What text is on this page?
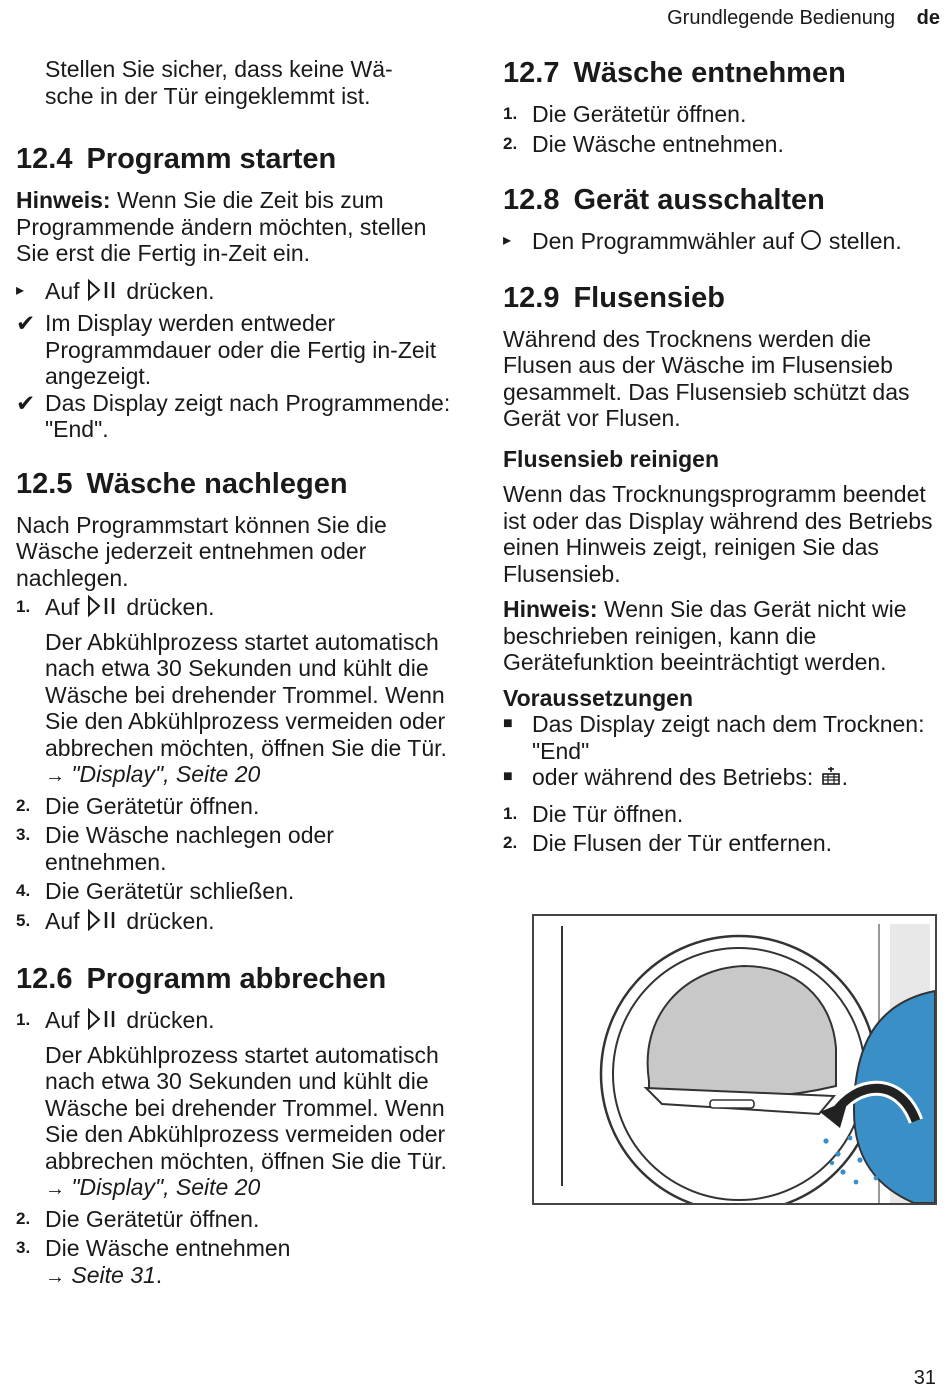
Grundlegende Bedienung de

Stellen Sie sicher, dass keine Wä-
sche in der Tür eingeklemmt ist.

12.4 Programm starten

Hinweis: Wenn Sie die Zeit bis zum Programmende ändern möchten, stellen Sie erst die Fertig in-Zeit ein.

▸ Auf drücken.
✔ Im Display werden entweder Programmdauer oder die Fertig in-Zeit angezeigt.
✔ Das Display zeigt nach Programmende: "End".
12.5 Wäsche nachlegen

Nach Programmstart können Sie die Wäsche jederzeit entnehmen oder nachlegen.

1. Auf drücken.
Der Abkühlprozess startet automatisch nach etwa 30 Sekunden und kühlt die Wäsche bei drehender Trommel. Wenn Sie den Abkühlprozess vermeiden oder abbrechen möchten, öffnen Sie die Tür.
→ "Display", Seite 20
2. Die Gerätetür öffnen.
3. Die Wäsche nachlegen oder entnehmen.
4. Die Gerätetür schließen.
5. Auf drücken.
12.6 Programm abbrechen
1. Auf drücken.
Der Abkühlprozess startet automatisch nach etwa 30 Sekunden und kühlt die Wäsche bei drehender Trommel. Wenn Sie den Abkühlprozess vermeiden oder abbrechen möchten, öffnen Sie die Tür.
→ "Display", Seite 20
2. Die Gerätetür öffnen.
3. Die Wäsche entnehmen
→ Seite 31.
12.7 Wäsche entnehmen
1. Die Gerätetür öffnen.
2. Die Wäsche entnehmen.
12.8 Gerät ausschalten
▸ Den Programmwähler auf stellen.
12.9 Flusensieb

Während des Trocknens werden die Flusen aus der Wäsche im Flusensieb gesammelt. Das Flusensieb schützt das Gerät vor Flusen.

Flusensieb reinigen

Wenn das Trocknungsprogramm beendet ist oder das Display während des Betriebs einen Hinweis zeigt, reinigen Sie das Flusensieb.

Hinweis: Wenn Sie das Gerät nicht wie beschrieben reinigen, kann die Gerätefunktion beeinträchtigt werden.

Voraussetzungen
■ Das Display zeigt nach dem Trocknen: "End"
■ oder während des Betriebs: .
1. Die Tür öffnen.
2. Die Flusen der Tür entfernen.
31
